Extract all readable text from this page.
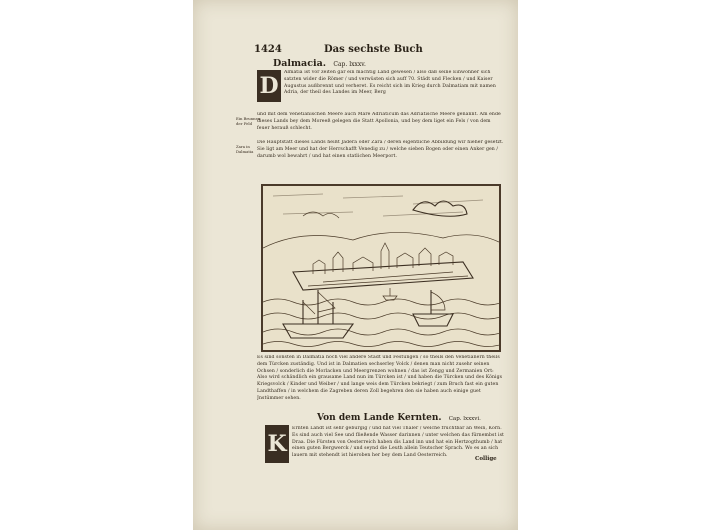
1424	Das sechste Buch
Dalmacia. Cap. lxxxv.
D
Almatia ist vor zeiten gar ein mächtig Land gewesen / also daß seine Einwohner sich satzten wider die Römer / und verwüsten sich auff 70. Städt und Flecken / und Kaiser Augustus außbrennt und verheret. Es reicht sich im Krieg durch Dalmatiam mit namen Adria, der theil des Landes im Meer, Berg
und mit dem Venetianischen Meere auch Mare Adriaticum das Adriatische Meere genannt. Am ende dieses Lands bey dem Moreeß gelegen die Statt Apollonia, und bey dem liget ein Fels / von dem feuer herauß schlecht.
Ein Brunnen der Feld
Die Hauptstatt dieses Lands heißt Jadera oder Zara / deren eigentliche Abbildung wir hieher gesetzt. Sie ligt am Meer und hat der Herrschafft Venedig zu / welche sieben Bogen oder einen Anker gen / darumb wol bewahrt / und hat einen statlichen Meerport.
Zara in Dalmatia
Es sind sonsten in Dalmatia noch viel andere Städt und Festungen / so theils den Venetianern theils dem Türcken zuständig. Und ist in Dalmatien sechserley Volck / denen man nicht zusehr seinen Ochsen / sonderlich die Morlacken und Meergrenzen wohnen / das ist Zengg und Zermanien Ort: Also wird schändlich ein grausame Land nun im Türcken ist / und haben die Türcken und des Königs Kriegsvolck / Kinder und Weiber / und lange weis dem Türcken bekriegt / zum Bruch fast ein guten Landthaffen / in welchem die Zagreben deren Zoll begehren den sie haben auch einige guet Jnstümmer sehen.
Von dem Lande Kernten. Cap. lxxxvi.
K
Ernten Landt ist sehr gebürgig / und hat viel Thäler / welche fruchtbar an Wein, Korn. Es sind auch viel See und fließende Wasser darinnen / unter welchen das fürnembst ist Draa. Die Fürsten von Oesterreich haben dis Land inn und hat ein Hertzogthumb / hat einen guten Bergwerck / und seynd die Leuth allein Teutscher Sprach. Wo es an sich lauern mit stehendt ist hieroben her bey dem Land Oesterreich.
Collige
